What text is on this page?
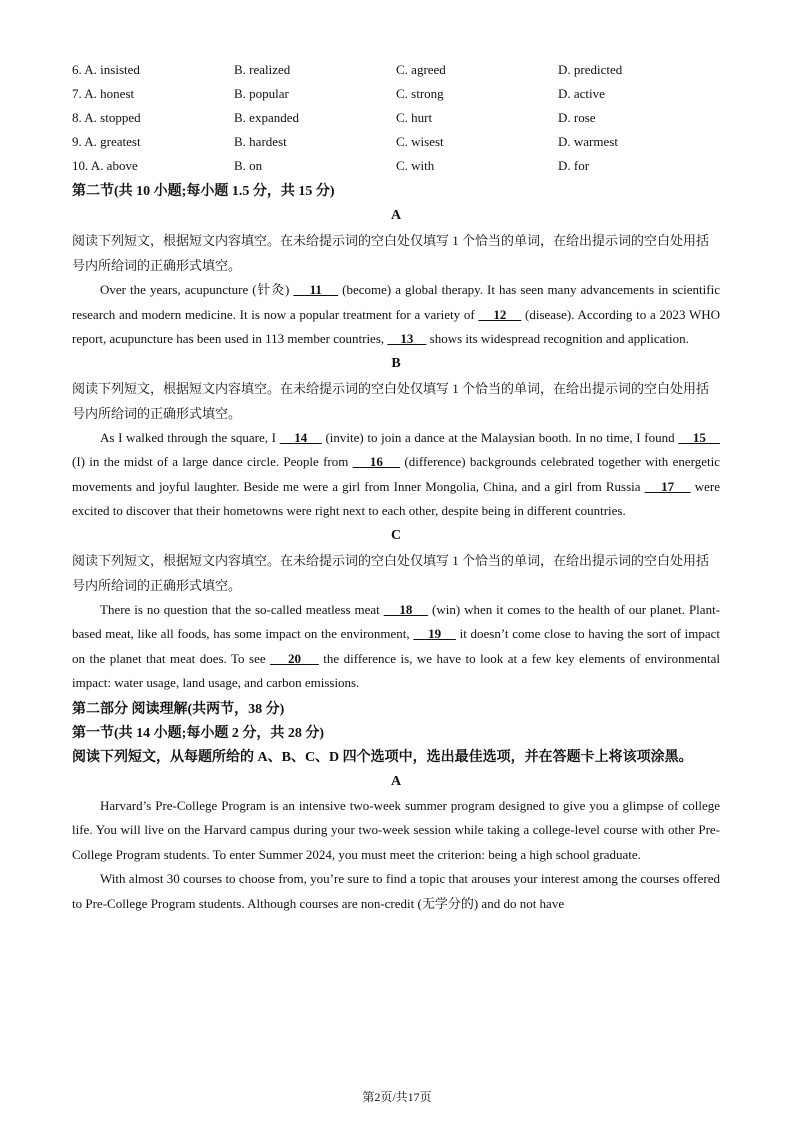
6. A. insisted	B. realized	C. agreed	D. predicted
7. A. honest	B. popular	C. strong	D. active
8. A. stopped	B. expanded	C. hurt	D. rose
9. A. greatest	B. hardest	C. wisest	D. warmest
10. A. above	B. on	C. with	D. for
第二节(共 10 小题;每小题 1.5 分，共 15 分)
A
阅读下列短文，根据短文内容填空。在未给提示词的空白处仅填写 1 个恰当的单词，在给出提示词的空白处用括号内所给词的正确形式填空。
Over the years, acupuncture (针灸)     11     (become) a global therapy. It has seen many advancements in scientific research and modern medicine. It is now a popular treatment for a variety of     12     (disease). According to a 2023 WHO report, acupuncture has been used in 113 member countries,     13     shows its widespread recognition and application.
B
阅读下列短文，根据短文内容填空。在未给提示词的空白处仅填写 1 个恰当的单词，在给出提示词的空白处用括号内所给词的正确形式填空。
As I walked through the square, I     14     (invite) to join a dance at the Malaysian booth. In no time, I found     15     (I) in the midst of a large dance circle. People from     16     (difference) backgrounds celebrated together with energetic movements and joyful laughter. Beside me were a girl from Inner Mongolia, China, and a girl from Russia     17     were excited to discover that their hometowns were right next to each other, despite being in different countries.
C
阅读下列短文，根据短文内容填空。在未给提示词的空白处仅填写 1 个恰当的单词，在给出提示词的空白处用括号内所给词的正确形式填空。
There is no question that the so-called meatless meat     18     (win) when it comes to the health of our planet. Plant-based meat, like all foods, has some impact on the environment,     19     it doesn’t come close to having the sort of impact on the planet that meat does. To see     20     the difference is, we have to look at a few key elements of environmental impact: water usage, land usage, and carbon emissions.
第二部分 阅读理解(共两节，38 分)
第一节(共 14 小题;每小题 2 分，共 28 分)
阅读下列短文，从每题所给的 A、B、C、D 四个选项中，选出最佳选项，并在答题卡上将该项涂黑。
A
Harvard’s Pre-College Program is an intensive two-week summer program designed to give you a glimpse of college life. You will live on the Harvard campus during your two-week session while taking a college-level course with other Pre-College Program students. To enter Summer 2024, you must meet the criterion: being a high school graduate.
With almost 30 courses to choose from, you’re sure to find a topic that arouses your interest among the courses offered to Pre-College Program students. Although courses are non-credit (无学分的) and do not have
第2页/共17页
